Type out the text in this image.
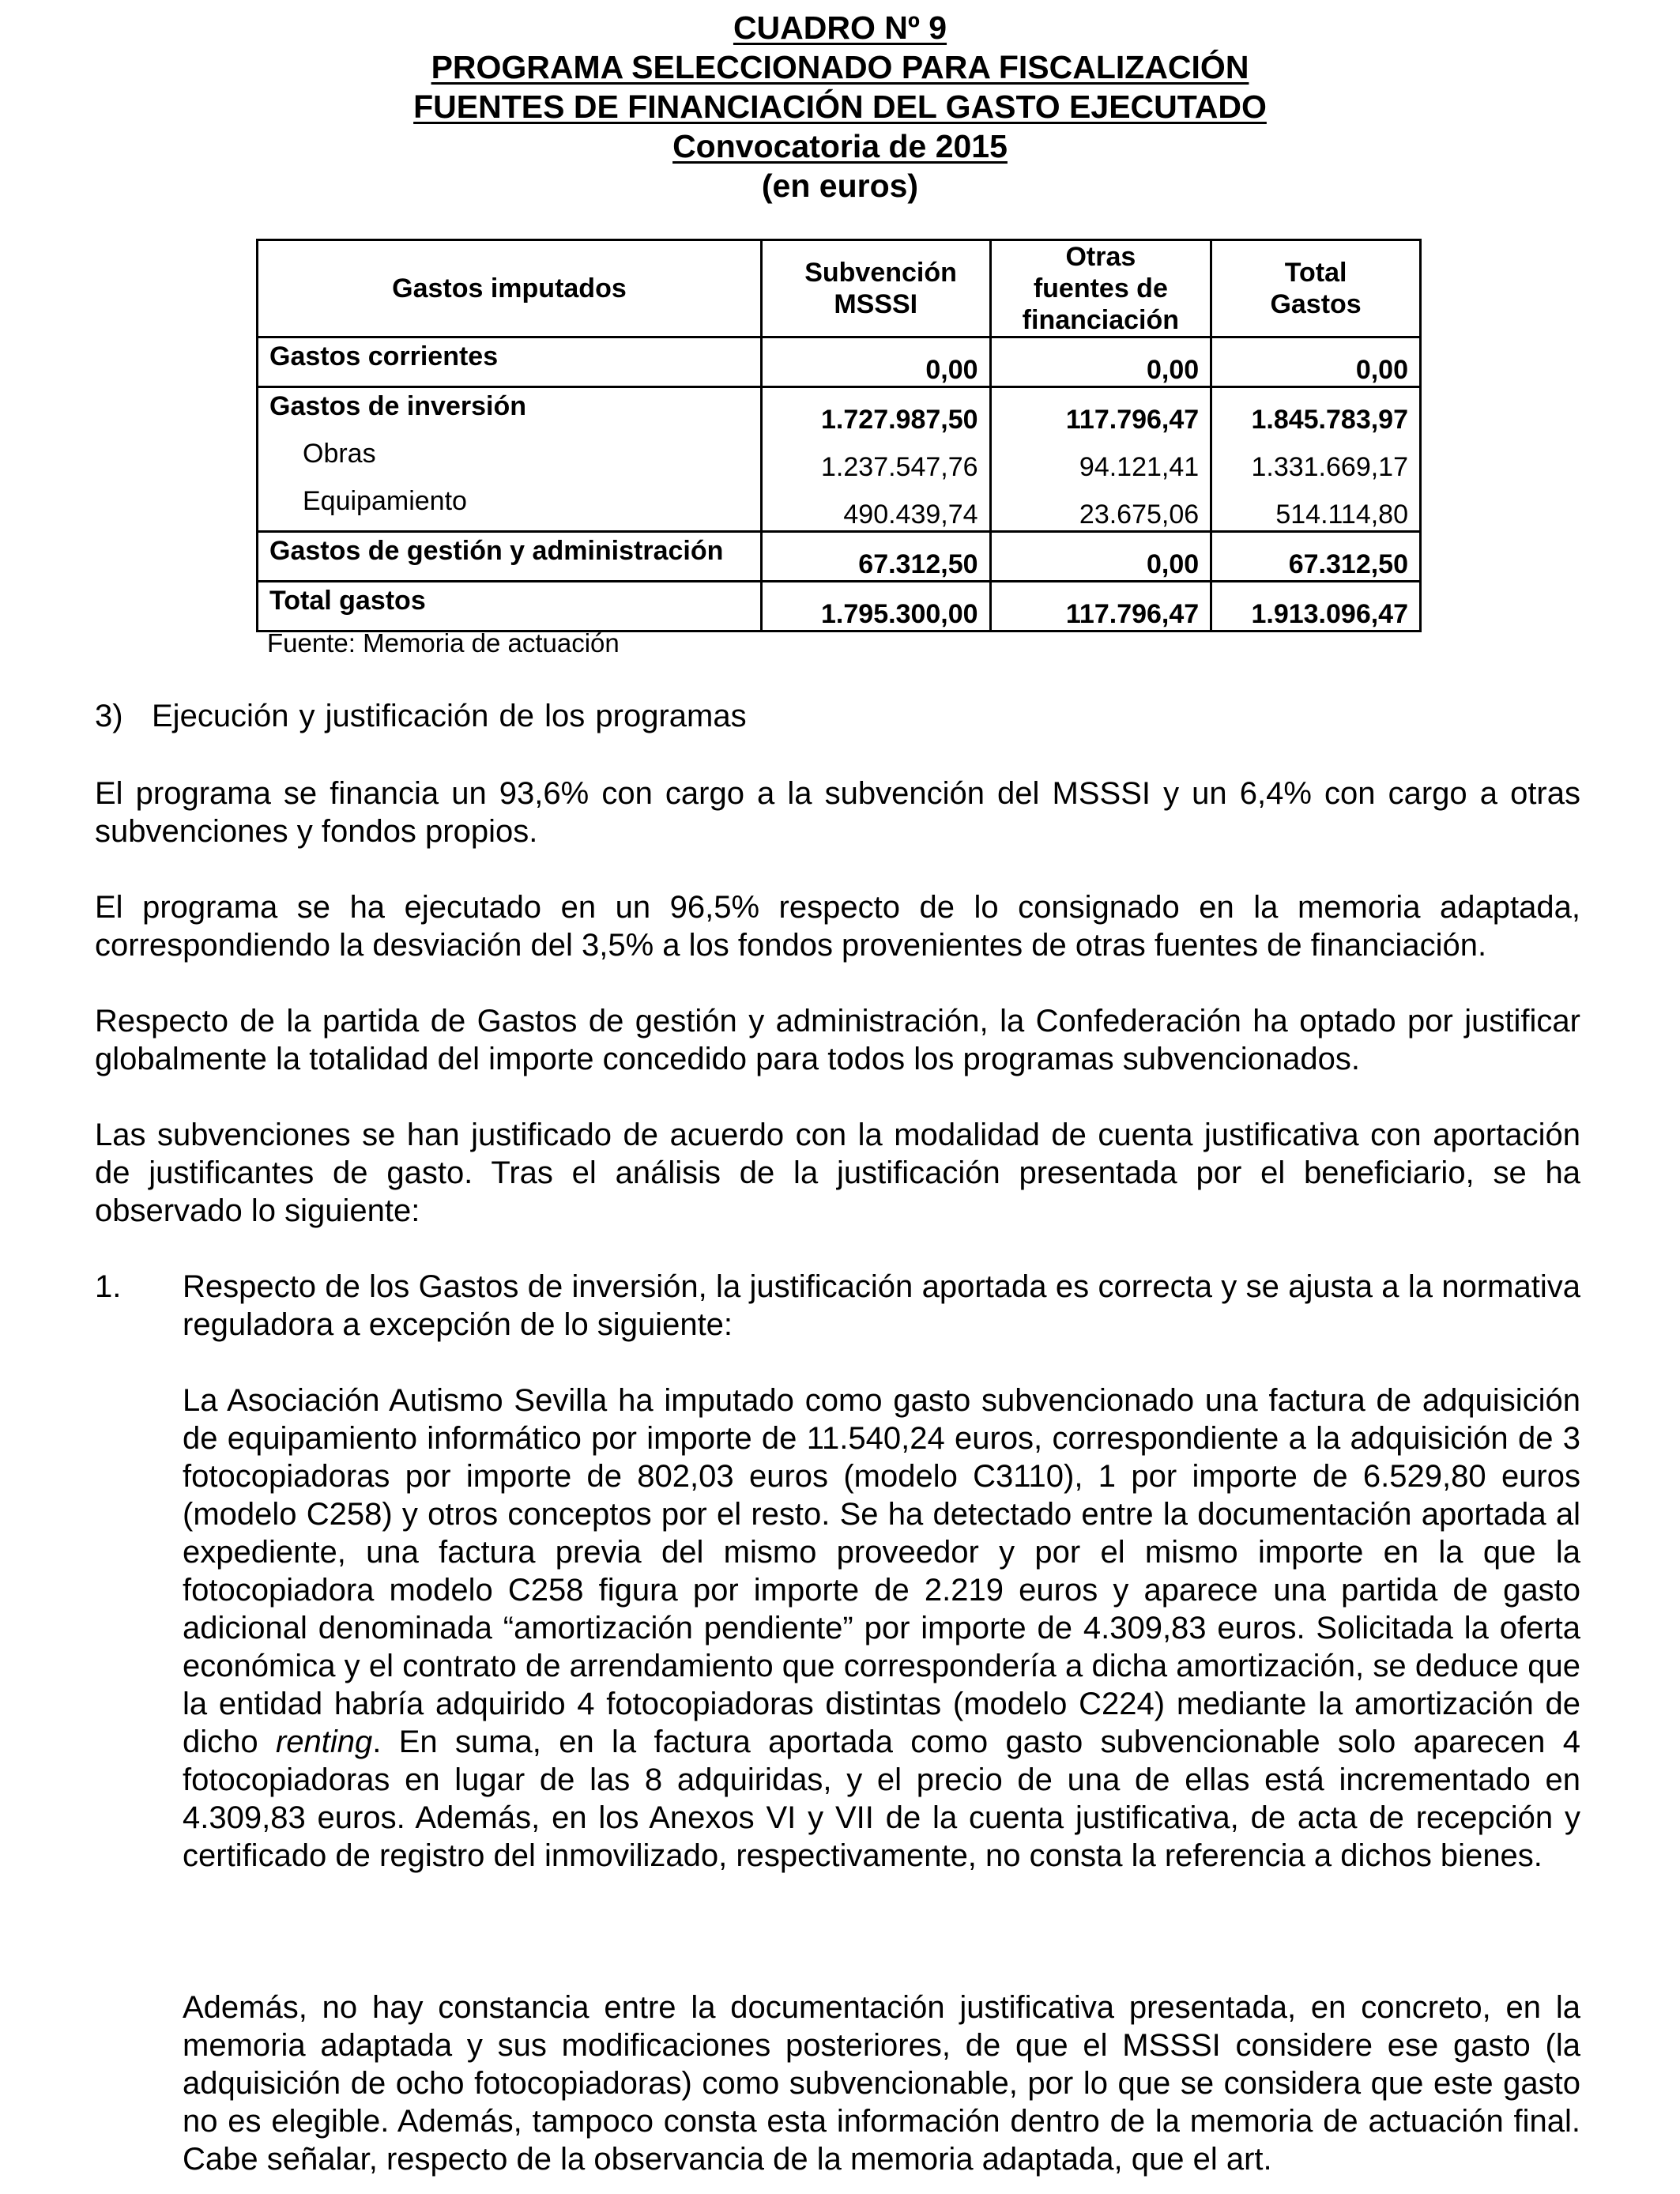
CUADRO Nº 9
PROGRAMA SELECCIONADO PARA FISCALIZACIÓN
FUENTES DE FINANCIACIÓN DEL GASTO EJECUTADO
Convocatoria de 2015
(en euros)
Gastos imputados	Subvención MSSSI	Otras fuentes de financiación	Total Gastos
Gastos corrientes	0,00	0,00	0,00
Gastos de inversión	1.727.987,50	117.796,47	1.845.783,97
Obras	1.237.547,76	94.121,41	1.331.669,17
Equipamiento	490.439,74	23.675,06	514.114,80
Gastos de gestión y administración	67.312,50	0,00	67.312,50
Total gastos	1.795.300,00	117.796,47	1.913.096,47
Fuente: Memoria de actuación
3) Ejecución y justificación de los programas
El programa se financia un 93,6% con cargo a la subvención del MSSSI y un 6,4% con cargo a otras subvenciones y fondos propios.
El programa se ha ejecutado en un 96,5% respecto de lo consignado en la memoria adaptada, correspondiendo la desviación del 3,5% a los fondos provenientes de otras fuentes de financiación.
Respecto de la partida de Gastos de gestión y administración, la Confederación ha optado por justificar globalmente la totalidad del importe concedido para todos los programas subvencionados.
Las subvenciones se han justificado de acuerdo con la modalidad de cuenta justificativa con aportación de justificantes de gasto. Tras el análisis de la justificación presentada por el beneficiario, se ha observado lo siguiente:
1. Respecto de los Gastos de inversión, la justificación aportada es correcta y se ajusta a la normativa reguladora a excepción de lo siguiente:
La Asociación Autismo Sevilla ha imputado como gasto subvencionado una factura de adquisición de equipamiento informático por importe de 11.540,24 euros, correspondiente a la adquisición de 3 fotocopiadoras por importe de 802,03 euros (modelo C3110), 1 por importe de 6.529,80 euros (modelo C258) y otros conceptos por el resto. Se ha detectado entre la documentación aportada al expediente, una factura previa del mismo proveedor y por el mismo importe en la que la fotocopiadora modelo C258 figura por importe de 2.219 euros y aparece una partida de gasto adicional denominada “amortización pendiente” por importe de 4.309,83 euros. Solicitada la oferta económica y el contrato de arrendamiento que correspondería a dicha amortización, se deduce que la entidad habría adquirido 4 fotocopiadoras distintas (modelo C224) mediante la amortización de dicho renting. En suma, en la factura aportada como gasto subvencionable solo aparecen 4 fotocopiadoras en lugar de las 8 adquiridas, y el precio de una de ellas está incrementado en 4.309,83 euros. Además, en los Anexos VI y VII de la cuenta justificativa, de acta de recepción y certificado de registro del inmovilizado, respectivamente, no consta la referencia a dichos bienes.
Además, no hay constancia entre la documentación justificativa presentada, en concreto, en la memoria adaptada y sus modificaciones posteriores, de que el MSSSI considere ese gasto (la adquisición de ocho fotocopiadoras) como subvencionable, por lo que se considera que este gasto no es elegible. Además, tampoco consta esta información dentro de la memoria de actuación final. Cabe señalar, respecto de la observancia de la memoria adaptada, que el art.
